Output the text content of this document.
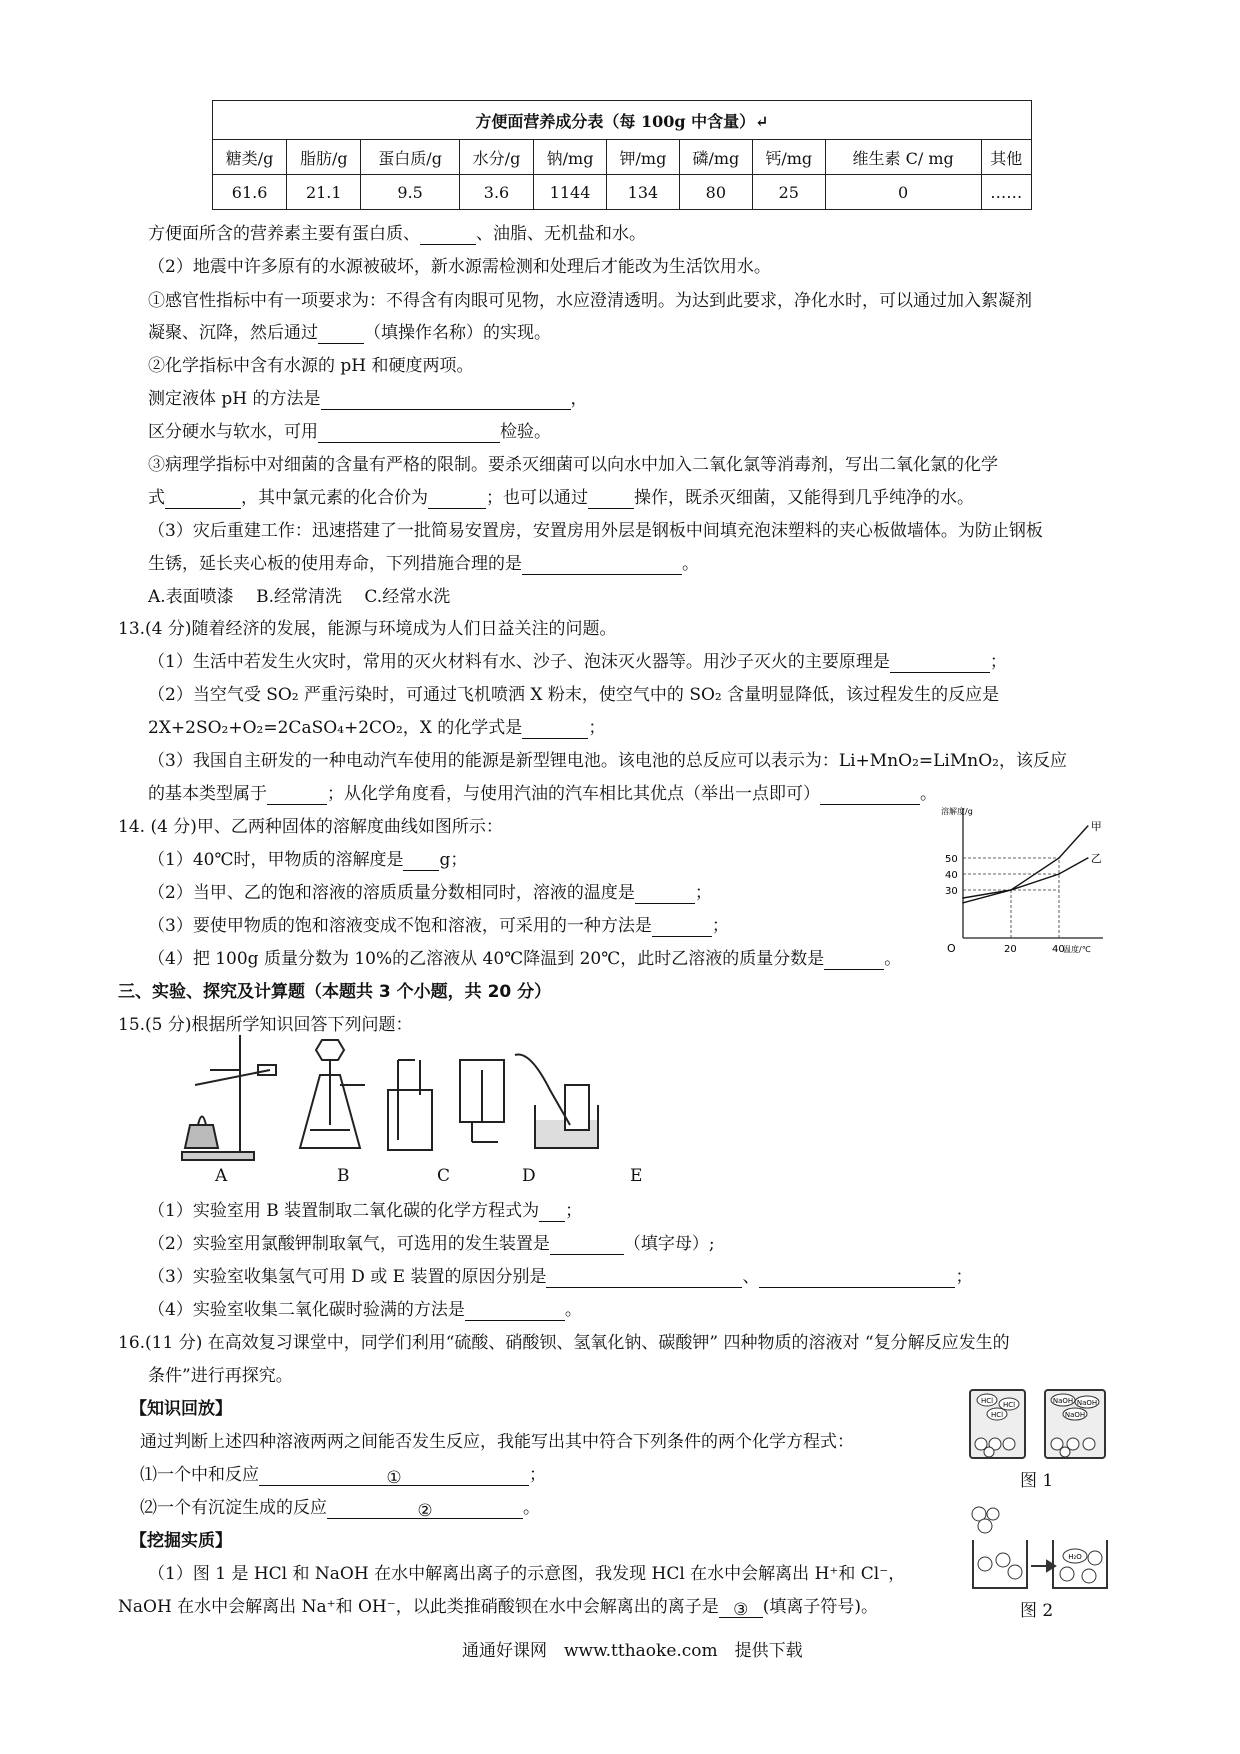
方便面营养成分表（每 100g 中含量）↵									
糖类/g	脂肪/g	蛋白质/g	水分/g	钠/mg	钾/mg	磷/mg	钙/mg	维生素 C/ mg	其他
61.6	21.1	9.5	3.6	1144	134	80	25	0	……
方便面所含的营养素主要有蛋白质、	、油脂、无机盐和水。
（2）地震中许多原有的水源被破坏，新水源需检测和处理后才能改为生活饮用水。
①感官性指标中有一项要求为：不得含有肉眼可见物，水应澄清透明。为达到此要求，净化水时，可以通过加入絮凝剂
凝聚、沉降，然后通过	（填操作名称）的实现。
②化学指标中含有水源的 pH 和硬度两项。
测定液体 pH 的方法是	，
区分硬水与软水，可用	检验。
③病理学指标中对细菌的含量有严格的限制。要杀灭细菌可以向水中加入二氧化氯等消毒剂，写出二氧化氯的化学
式	，其中氯元素的化合价为	；也可以通过	操作，既杀灭细菌，又能得到几乎纯净的水。
（3）灾后重建工作：迅速搭建了一批简易安置房，安置房用外层是钢板中间填充泡沫塑料的夹心板做墙体。为防止钢板
生锈，延长夹心板的使用寿命，下列措施合理的是	。
A.表面喷漆　 B.经常清洗　 C.经常水洗
13.(4 分)随着经济的发展，能源与环境成为人们日益关注的问题。
（1）生活中若发生火灾时，常用的灭火材料有水、沙子、泡沫灭火器等。用沙子灭火的主要原理是	；
（2）当空气受 SO₂ 严重污染时，可通过飞机喷洒 X 粉末，使空气中的 SO₂ 含量明显降低，该过程发生的反应是
2X+2SO₂+O₂=2CaSO₄+2CO₂，X 的化学式是	；
（3）我国自主研发的一种电动汽车使用的能源是新型锂电池。该电池的总反应可以表示为：Li+MnO₂=LiMnO₂，该反应
的基本类型属于	；从化学角度看，与使用汽油的汽车相比其优点（举出一点即可）	。
14. (4 分)甲、乙两种固体的溶解度曲线如图所示：
（1）40℃时，甲物质的溶解度是 g；
（2）当甲、乙的饱和溶液的溶质质量分数相同时，溶液的温度是	；
（3）要使甲物质的饱和溶液变成不饱和溶液，可采用的一种方法是	；
（4）把 100g 质量分数为 10%的乙溶液从 40℃降温到 20℃，此时乙溶液的质量分数是	。
三、实验、探究及计算题（本题共 3 个小题，共 20 分）
15.(5 分)根据所学知识回答下列问题：
O
溶解度/g
温度/℃
20	40
30
40
50
甲
乙
A	B	C	D	E
（1）实验室用 B 装置制取二氧化碳的化学方程式为 ；
（2）实验室用氯酸钾制取氧气，可选用的发生装置是	（填字母）;
（3）实验室收集氢气可用 D 或 E 装置的原因分别是	、	；
（4）实验室收集二氧化碳时验满的方法是	。
16.(11 分) 在高效复习课堂中，同学们利用“硫酸、硝酸钡、氢氧化钠、碳酸钾” 四种物质的溶液对 “复分解反应发生的
条件”进行再探究。
【知识回放】
通过判断上述四种溶液两两之间能否发生反应，我能写出其中符合下列条件的两个化学方程式：
⑴一个中和反应	①	；
⑵一个有沉淀生成的反应	②	。
【挖掘实质】
（1）图 1 是 HCl 和 NaOH 在水中解离出离子的示意图，我发现 HCl 在水中会解离出 H⁺和 Cl⁻，
NaOH 在水中会解离出 Na⁺和 OH⁻，以此类推硝酸钡在水中会解离出的离子是 ③ (填离子符号)。
HCl HCl
HCl
NaOH NaOH
NaOH
图 1
H₂O
图 2
通通好课网　www.tthaoke.com　提供下载
